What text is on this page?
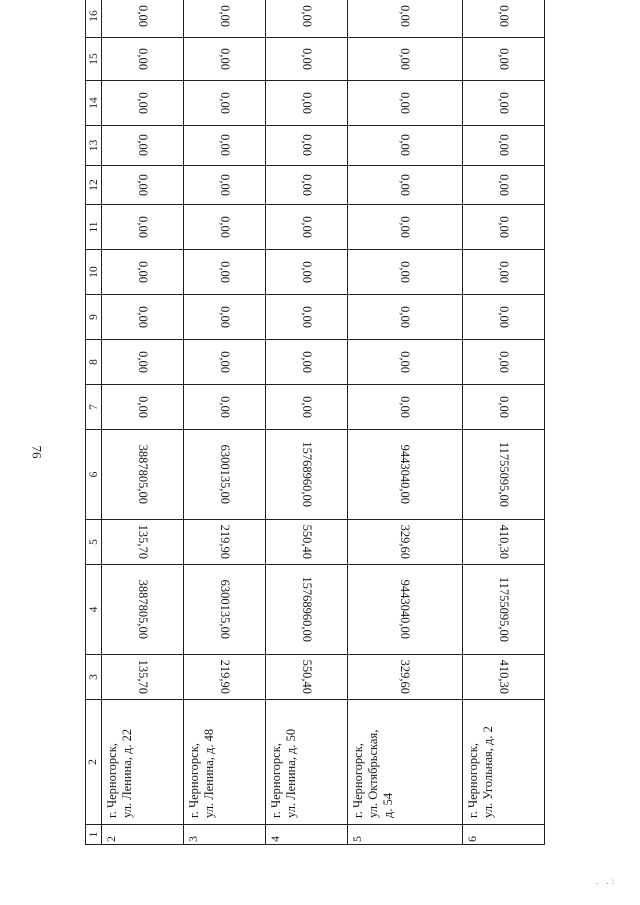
76
1	2	3	4	5	6	7	8	9	10	11	12	13	14	15	16
2	г. Черногорск, ул. Ленина, д. 22	135,70	3887805,00	135,70	3887805,00	0,00	0,00	0,00	0,00	0,00	0,00	0,00	0,00	0,00	0,00
3	г. Черногорск, ул. Ленина, д. 48	219,90	6300135,00	219,90	6300135,00	0,00	0,00	0,00	0,00	0,00	0,00	0,00	0,00	0,00	0,00
4	г. Черногорск, ул. Ленина, д. 50	550,40	15768960,00	550,40	15768960,00	0,00	0,00	0,00	0,00	0,00	0,00	0,00	0,00	0,00	0,00
5	г. Черногорск, ул. Октябрьская, д. 54	329,60	9443040,00	329,60	9443040,00	0,00	0,00	0,00	0,00	0,00	0,00	0,00	0,00	0,00	0,00
6	г. Черногорск, ул. Угольная, д. 2	410,30	11755095,00	410,30	11755095,00	0,00	0,00	0,00	0,00	0,00	0,00	0,00	0,00	0,00	0,00
. .:
